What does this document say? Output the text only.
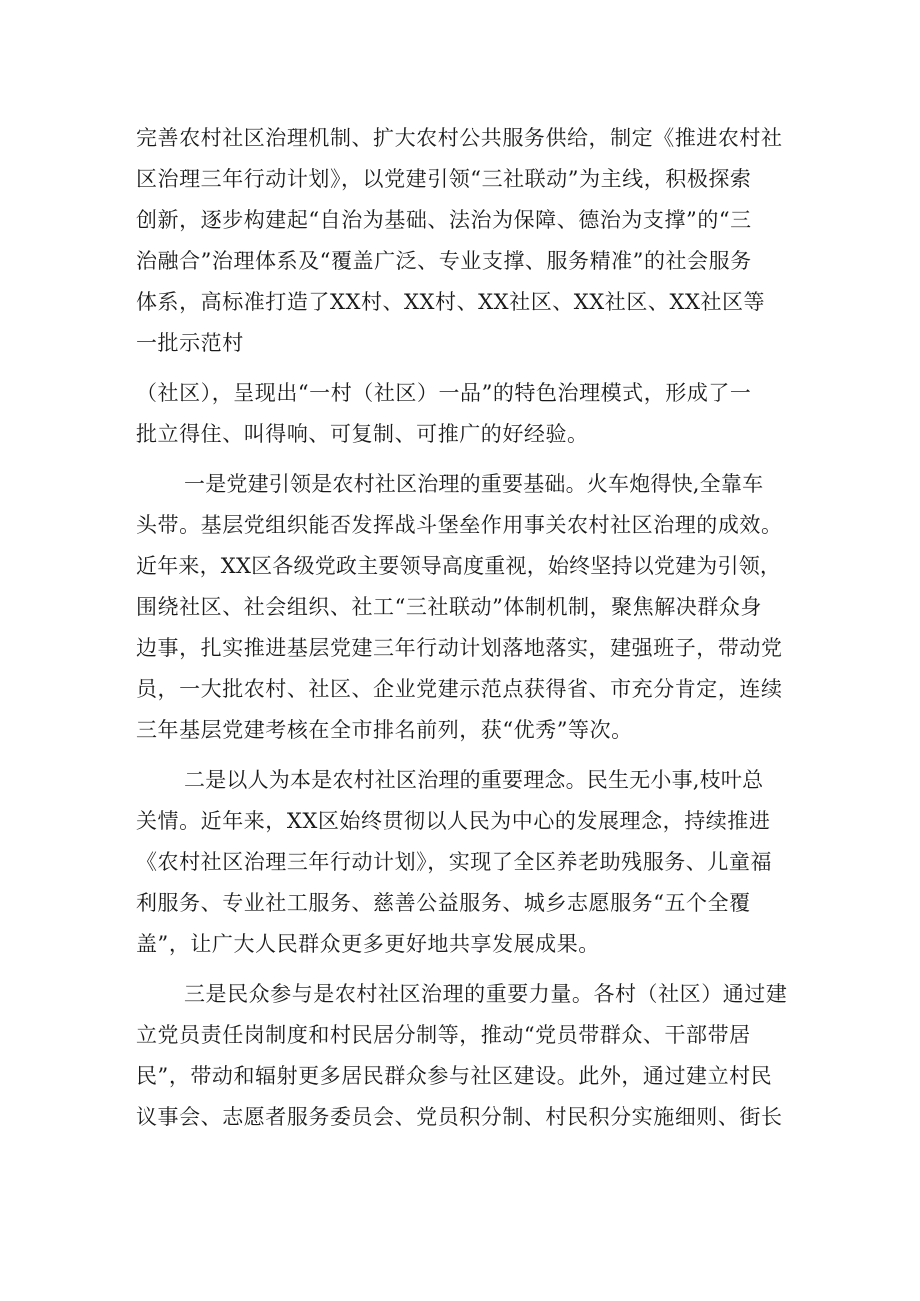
完善农村社区治理机制、扩大农村公共服务供给，制定《推进农村社
区治理三年行动计划》，以党建引领“三社联动”为主线，积极探索
创新，逐步构建起“自治为基础、法治为保障、德治为支撑”的“三
治融合”治理体系及“覆盖广泛、专业支撑、服务精准”的社会服务
体系，高标准打造了XX村、XX村、XX社区、XX社区、XX社区等
一批示范村
（社区），呈现出“一村（社区）一品”的特色治理模式，形成了一
批立得住、叫得响、可复制、可推广的好经验。
一是党建引领是农村社区治理的重要基础。火车炮得快,全靠车
头带。基层党组织能否发挥战斗堡垒作用事关农村社区治理的成效。
近年来，XX区各级党政主要领导高度重视，始终坚持以党建为引领，
围绕社区、社会组织、社工“三社联动”体制机制，聚焦解决群众身
边事，扎实推进基层党建三年行动计划落地落实，建强班子，带动党
员，一大批农村、社区、企业党建示范点获得省、市充分肯定，连续
三年基层党建考核在全市排名前列，获“优秀”等次。
二是以人为本是农村社区治理的重要理念。民生无小事,枝叶总
关情。近年来，XX区始终贯彻以人民为中心的发展理念，持续推进
《农村社区治理三年行动计划》，实现了全区养老助残服务、儿童福
利服务、专业社工服务、慈善公益服务、城乡志愿服务“五个全覆
盖”，让广大人民群众更多更好地共享发展成果。
三是民众参与是农村社区治理的重要力量。各村（社区）通过建
立党员责任岗制度和村民居分制等，推动“党员带群众、干部带居
民”，带动和辐射更多居民群众参与社区建设。此外，通过建立村民
议事会、志愿者服务委员会、党员积分制、村民积分实施细则、街长
